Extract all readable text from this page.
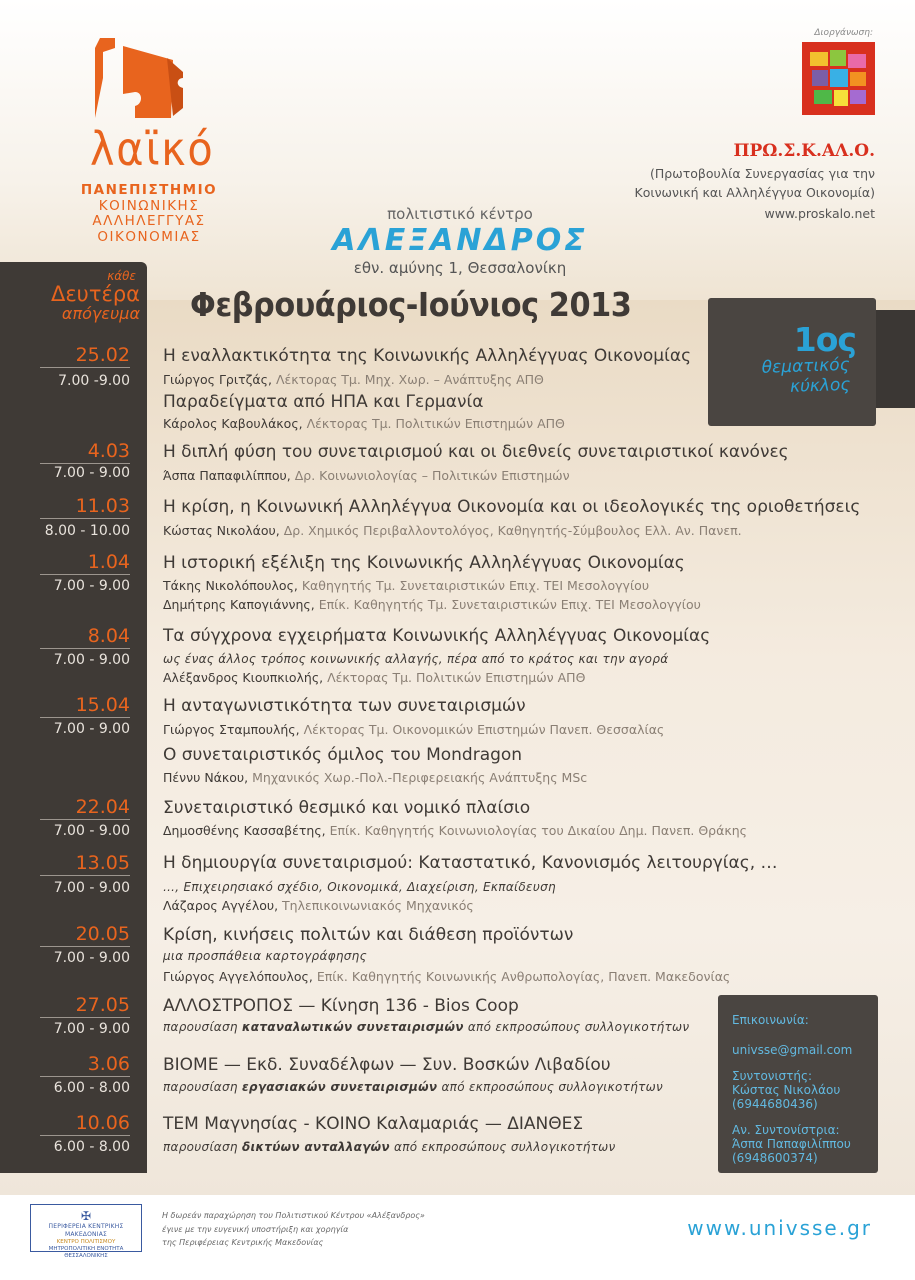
λαϊκό
ΠΑΝΕΠΙΣΤΗΜΙΟ
ΚΟΙΝΩΝΙΚΗΣ
ΑΛΛΗΛΕΓΓΥΑΣ
ΟΙΚΟΝΟΜΙΑΣ
πολιτιστικό κέντρο
ΑΛΕΞΑΝΔΡΟΣ
εθν. αμύνης 1, Θεσσαλονίκη
Διοργάνωση:
ΠΡΩ.Σ.Κ.ΑΛ.Ο.
(Πρωτοβουλία Συνεργασίας για την
Κοινωνική και Αλληλέγγυα Οικονομία)
www.proskalo.net
κάθε
Δευτέρα
απόγευμα Φεβρουάριος-Ιούνιος 2013
1ος
θεματικός
κύκλος
25.02
7.00 -9.00
Η εναλλακτικότητα της Κοινωνικής Αλληλέγγυας Οικονομίας
Γιώργος Γριτζάς, Λέκτορας Τμ. Μηχ. Χωρ. – Ανάπτυξης ΑΠΘ
Παραδείγματα από ΗΠΑ και Γερμανία
Κάρολος Καβουλάκος, Λέκτορας Τμ. Πολιτικών Επιστημών ΑΠΘ
4.03
7.00 - 9.00
Η διπλή φύση του συνεταιρισμού και οι διεθνείς συνεταιριστικοί κανόνες
Άσπα Παπαφιλίππου, Δρ. Κοινωνιολογίας – Πολιτικών Επιστημών
11.03
8.00 - 10.00
Η κρίση, η Κοινωνική Αλληλέγγυα Οικονομία και οι ιδεολογικές της οριοθετήσεις
Κώστας Νικολάου, Δρ. Χημικός Περιβαλλοντολόγος, Καθηγητής-Σύμβουλος Ελλ. Αν. Πανεπ.
1.04
7.00 - 9.00
Η ιστορική εξέλιξη της Κοινωνικής Αλληλέγγυας Οικονομίας
Τάκης Νικολόπουλος, Καθηγητής Τμ. Συνεταιριστικών Επιχ. ΤΕΙ Μεσολογγίου
Δημήτρης Καπογιάννης, Επίκ. Καθηγητής Τμ. Συνεταιριστικών Επιχ. ΤΕΙ Μεσολογγίου
8.04
7.00 - 9.00
Τα σύγχρονα εγχειρήματα Κοινωνικής Αλληλέγγυας Οικονομίας
ως ένας άλλος τρόπος κοινωνικής αλλαγής, πέρα από το κράτος και την αγορά
Αλέξανδρος Κιουπκιολής, Λέκτορας Τμ. Πολιτικών Επιστημών ΑΠΘ
15.04
7.00 - 9.00
Η ανταγωνιστικότητα των συνεταιρισμών
Γιώργος Σταμπουλής, Λέκτορας Τμ. Οικονομικών Επιστημών Πανεπ. Θεσσαλίας
Ο συνεταιριστικός όμιλος του Mondragon
Πέννυ Νάκου, Μηχανικός Χωρ.-Πολ.-Περιφερειακής Ανάπτυξης MSc
22.04
7.00 - 9.00
Συνεταιριστικό θεσμικό και νομικό πλαίσιο
Δημοσθένης Κασσαβέτης, Επίκ. Καθηγητής Κοινωνιολογίας του Δικαίου Δημ. Πανεπ. Θράκης
13.05
7.00 - 9.00
Η δημιουργία συνεταιρισμού: Καταστατικό, Κανονισμός λειτουργίας, …
…, Επιχειρησιακό σχέδιο, Οικονομικά, Διαχείριση, Εκπαίδευση
Λάζαρος Αγγέλου, Τηλεπικοινωνιακός Μηχανικός
20.05
7.00 - 9.00
Κρίση, κινήσεις πολιτών και διάθεση προϊόντων
μια προσπάθεια καρτογράφησης
Γιώργος Αγγελόπουλος, Επίκ. Καθηγητής Κοινωνικής Ανθρωπολογίας, Πανεπ. Μακεδονίας
27.05
7.00 - 9.00
ΑΛΛΟΣΤΡΟΠΟΣ — Κίνηση 136 - Bios Coop
παρουσίαση καταναλωτικών συνεταιρισμών από εκπροσώπους συλλογικοτήτων
3.06
6.00 - 8.00
ΒΙΟΜΕ — Εκδ. Συναδέλφων — Συν. Βοσκών Λιβαδίου
παρουσίαση εργασιακών συνεταιρισμών από εκπροσώπους συλλογικοτήτων
10.06
6.00 - 8.00
ΤΕΜ Μαγνησίας - ΚΟΙΝΟ Καλαμαριάς — ΔΙΑΝΘΕΣ
παρουσίαση δικτύων ανταλλαγών από εκπροσώπους συλλογικοτήτων
Επικοινωνία:
univsse@gmail.com
Συντονιστής:
Κώστας Νικολάου
(6944680436)
Αν. Συντονίστρια:
Άσπα Παπαφιλίππου
(6948600374)
✠
ΠΕΡΙΦΕΡΕΙΑ ΚΕΝΤΡΙΚΗΣ ΜΑΚΕΔΟΝΙΑΣ
ΚΕΝΤΡΟ ΠΟΛΙΤΙΣΜΟΥ
ΜΗΤΡΟΠΟΛΙΤΙΚΗ ΕΝΟΤΗΤΑ ΘΕΣΣΑΛΟΝΙΚΗΣ
Η δωρεάν παραχώρηση του Πολιτιστικού Κέντρου «Αλέξανδρος»
έγινε με την ευγενική υποστήριξη και χορηγία
της Περιφέρειας Κεντρικής Μακεδονίας
www.univsse.gr
